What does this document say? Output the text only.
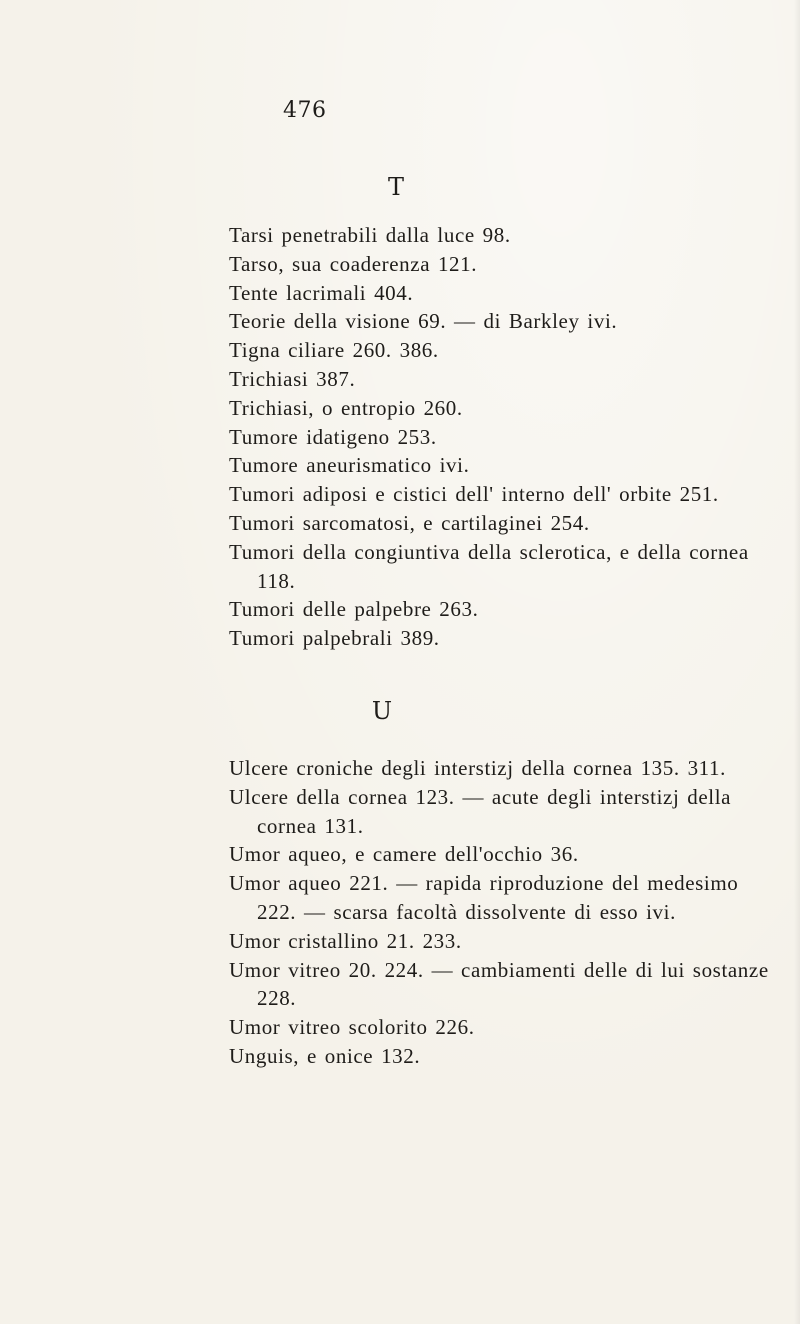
476
T
Tarsi penetrabili dalla luce 98.
Tarso, sua coaderenza 121.
Tente lacrimali 404.
Teorie della visione 69. — di Barkley ivi.
Tigna ciliare 260. 386.
Trichiasi 387.
Trichiasi, o entropio 260.
Tumore idatigeno 253.
Tumore aneurismatico ivi.
Tumori adiposi e cistici dell' interno dell' orbite 251.
Tumori sarcomatosi, e cartilaginei 254.
Tumori della congiuntiva della sclerotica, e della cornea 118.
Tumori delle palpebre 263.
Tumori palpebrali 389.
U
Ulcere croniche degli interstizj della cornea 135. 311.
Ulcere della cornea 123. — acute degli interstizj della cornea 131.
Umor aqueo, e camere dell'occhio 36.
Umor aqueo 221. — rapida riproduzione del medesimo 222. — scarsa facoltà dissolvente di esso ivi.
Umor cristallino 21. 233.
Umor vitreo 20. 224. — cambiamenti delle di lui sostanze 228.
Umor vitreo scolorito 226.
Unguis, e onice 132.
